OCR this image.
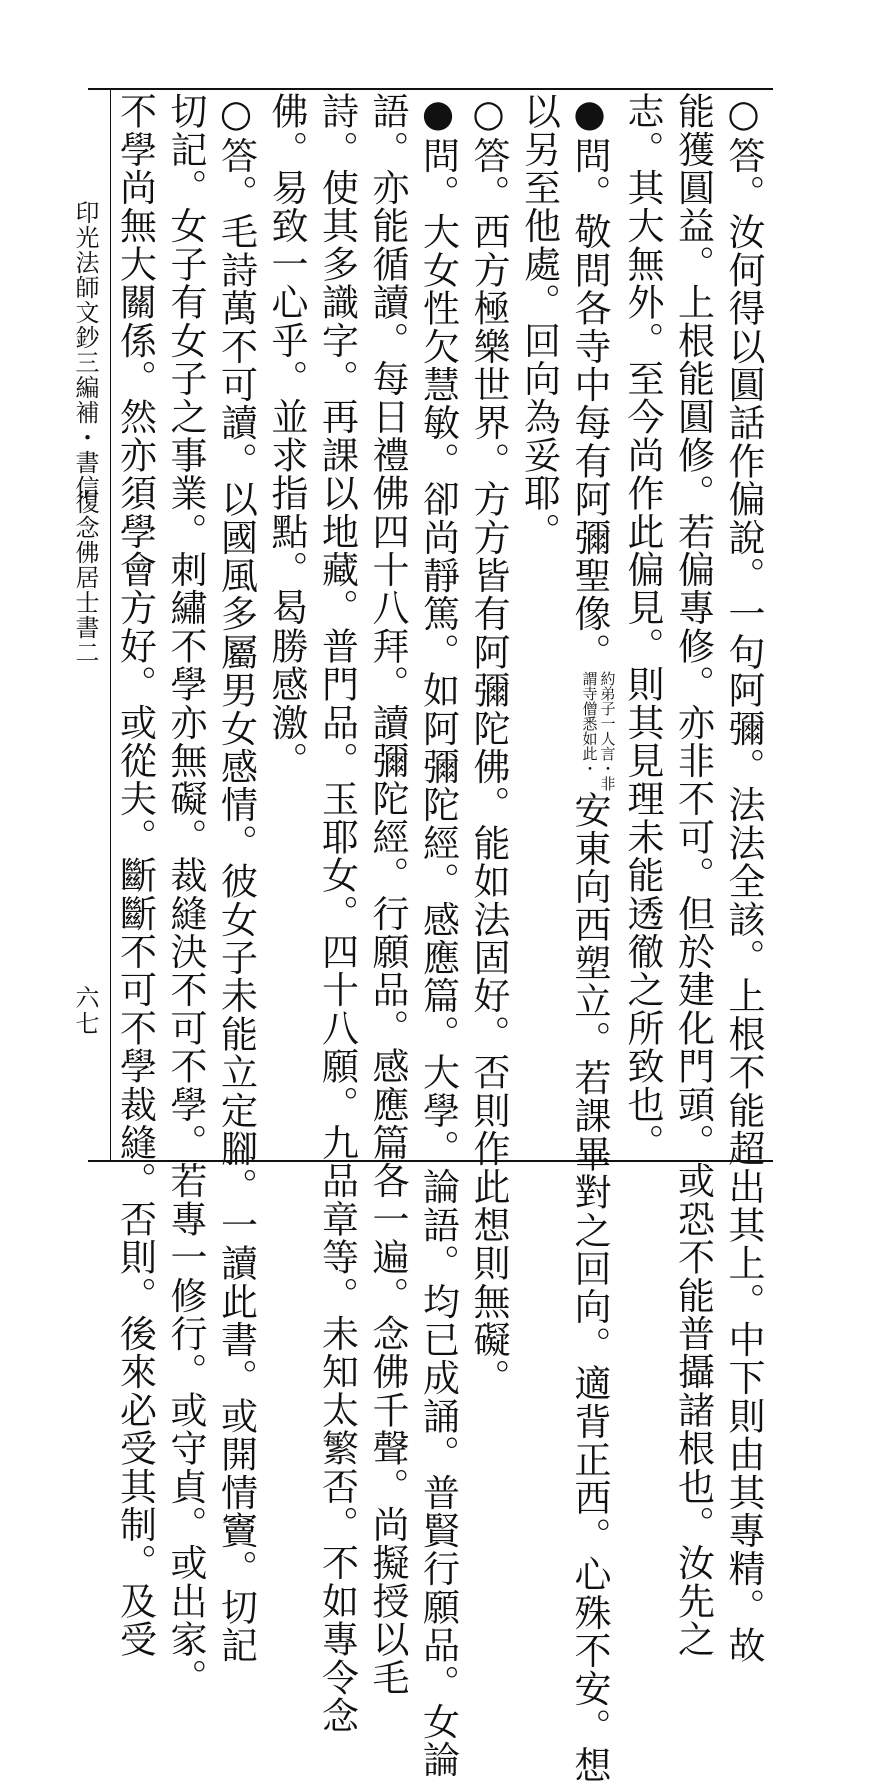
印光法師文鈔三編補・書信
復念佛居士書二
六七	○答。汝何得以圓話作偏說。一句阿彌。法法全該。上根不能超出其上。中下則由其專精。故
能獲圓益。上根能圓修。若偏專修。亦非不可。但於建化門頭。或恐不能普攝諸根也。汝先之
志。其大無外。至今尚作此偏見。則其見理未能透徹之所致也。
●問。敬問各寺中每有阿彌聖像。
約弟子一人言・非
謂寺僧悉如此・
安東向西塑立。若課畢對之回向。適背正西。心殊不安。想
以另至他處。回向為妥耶。
○答。西方極樂世界。方方皆有阿彌陀佛。能如法固好。否則作此想則無礙。
●問。大女性欠慧敏。卻尚靜篤。如阿彌陀經。感應篇。大學。論語。均已成誦。普賢行願品。女論
語。亦能循讀。每日禮佛四十八拜。讀彌陀經。行願品。感應篇各一遍。念佛千聲。尚擬授以毛
詩。使其多識字。再課以地藏。普門品。玉耶女。四十八願。九品章等。未知太繁否。不如專令念
佛。易致一心乎。並求指點。曷勝感激。
○答。毛詩萬不可讀。以國風多屬男女感情。彼女子未能立定腳。一讀此書。或開情竇。切記
切記。女子有女子之事業。刺繡不學亦無礙。裁縫決不可不學。若專一修行。或守貞。或出家。
不學尚無大關係。然亦須學會方好。或從夫。斷斷不可不學裁縫。否則。後來必受其制。及受
